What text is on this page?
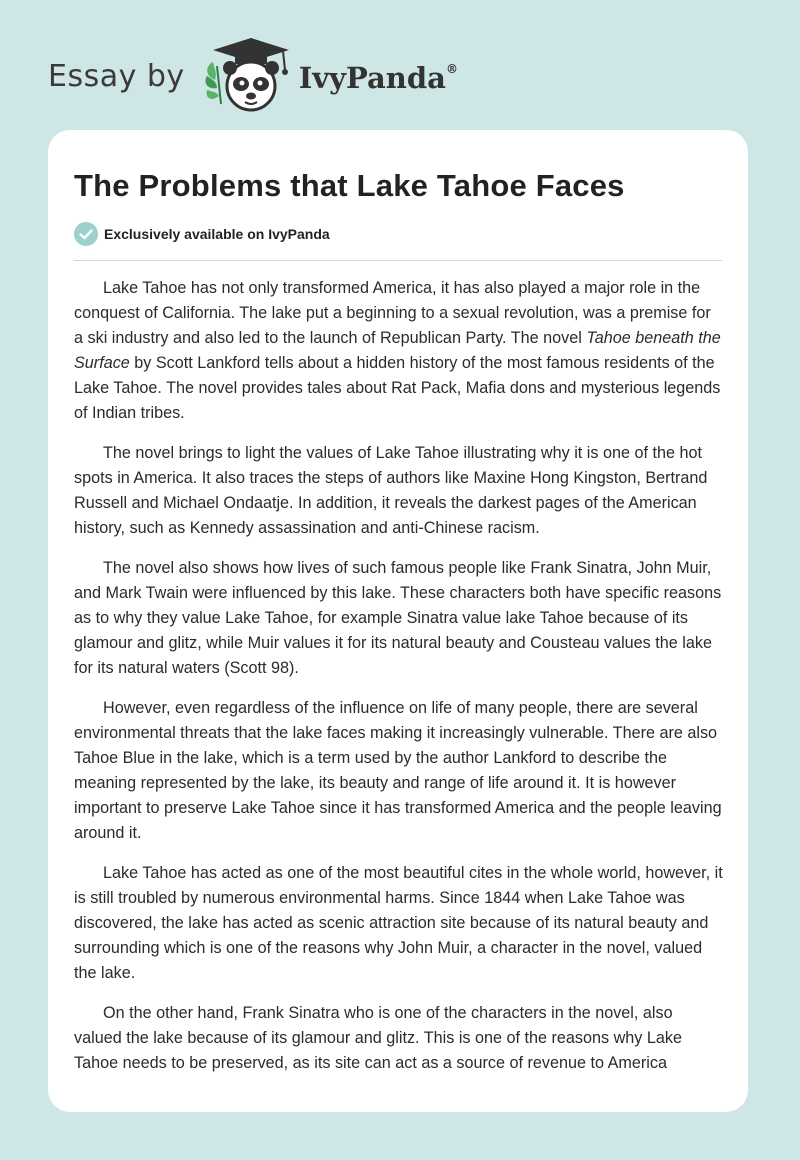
Essay by	IvyPanda®
The Problems that Lake Tahoe Faces
Exclusively available on IvyPanda

Lake Tahoe has not only transformed America, it has also played a major role in the conquest of California. The lake put a beginning to a sexual revolution, was a premise for a ski industry and also led to the launch of Republican Party. The novel Tahoe beneath the Surface by Scott Lankford tells about a hidden history of the most famous residents of the Lake Tahoe. The novel provides tales about Rat Pack, Mafia dons and mysterious legends of Indian tribes.

The novel brings to light the values of Lake Tahoe illustrating why it is one of the hot spots in America. It also traces the steps of authors like Maxine Hong Kingston, Bertrand Russell and Michael Ondaatje. In addition, it reveals the darkest pages of the American history, such as Kennedy assassination and anti-Chinese racism.

The novel also shows how lives of such famous people like Frank Sinatra, John Muir, and Mark Twain were influenced by this lake. These characters both have specific reasons as to why they value Lake Tahoe, for example Sinatra value lake Tahoe because of its glamour and glitz, while Muir values it for its natural beauty and Cousteau values the lake for its natural waters (Scott 98).

However, even regardless of the influence on life of many people, there are several environmental threats that the lake faces making it increasingly vulnerable. There are also Tahoe Blue in the lake, which is a term used by the author Lankford to describe the meaning represented by the lake, its beauty and range of life around it. It is however important to preserve Lake Tahoe since it has transformed America and the people leaving around it.

Lake Tahoe has acted as one of the most beautiful cites in the whole world, however, it is still troubled by numerous environmental harms. Since 1844 when Lake Tahoe was discovered, the lake has acted as scenic attraction site because of its natural beauty and surrounding which is one of the reasons why John Muir, a character in the novel, valued the lake.

On the other hand, Frank Sinatra who is one of the characters in the novel, also valued the lake because of its glamour and glitz. This is one of the reasons why Lake Tahoe needs to be preserved, as its site can act as a source of revenue to America
